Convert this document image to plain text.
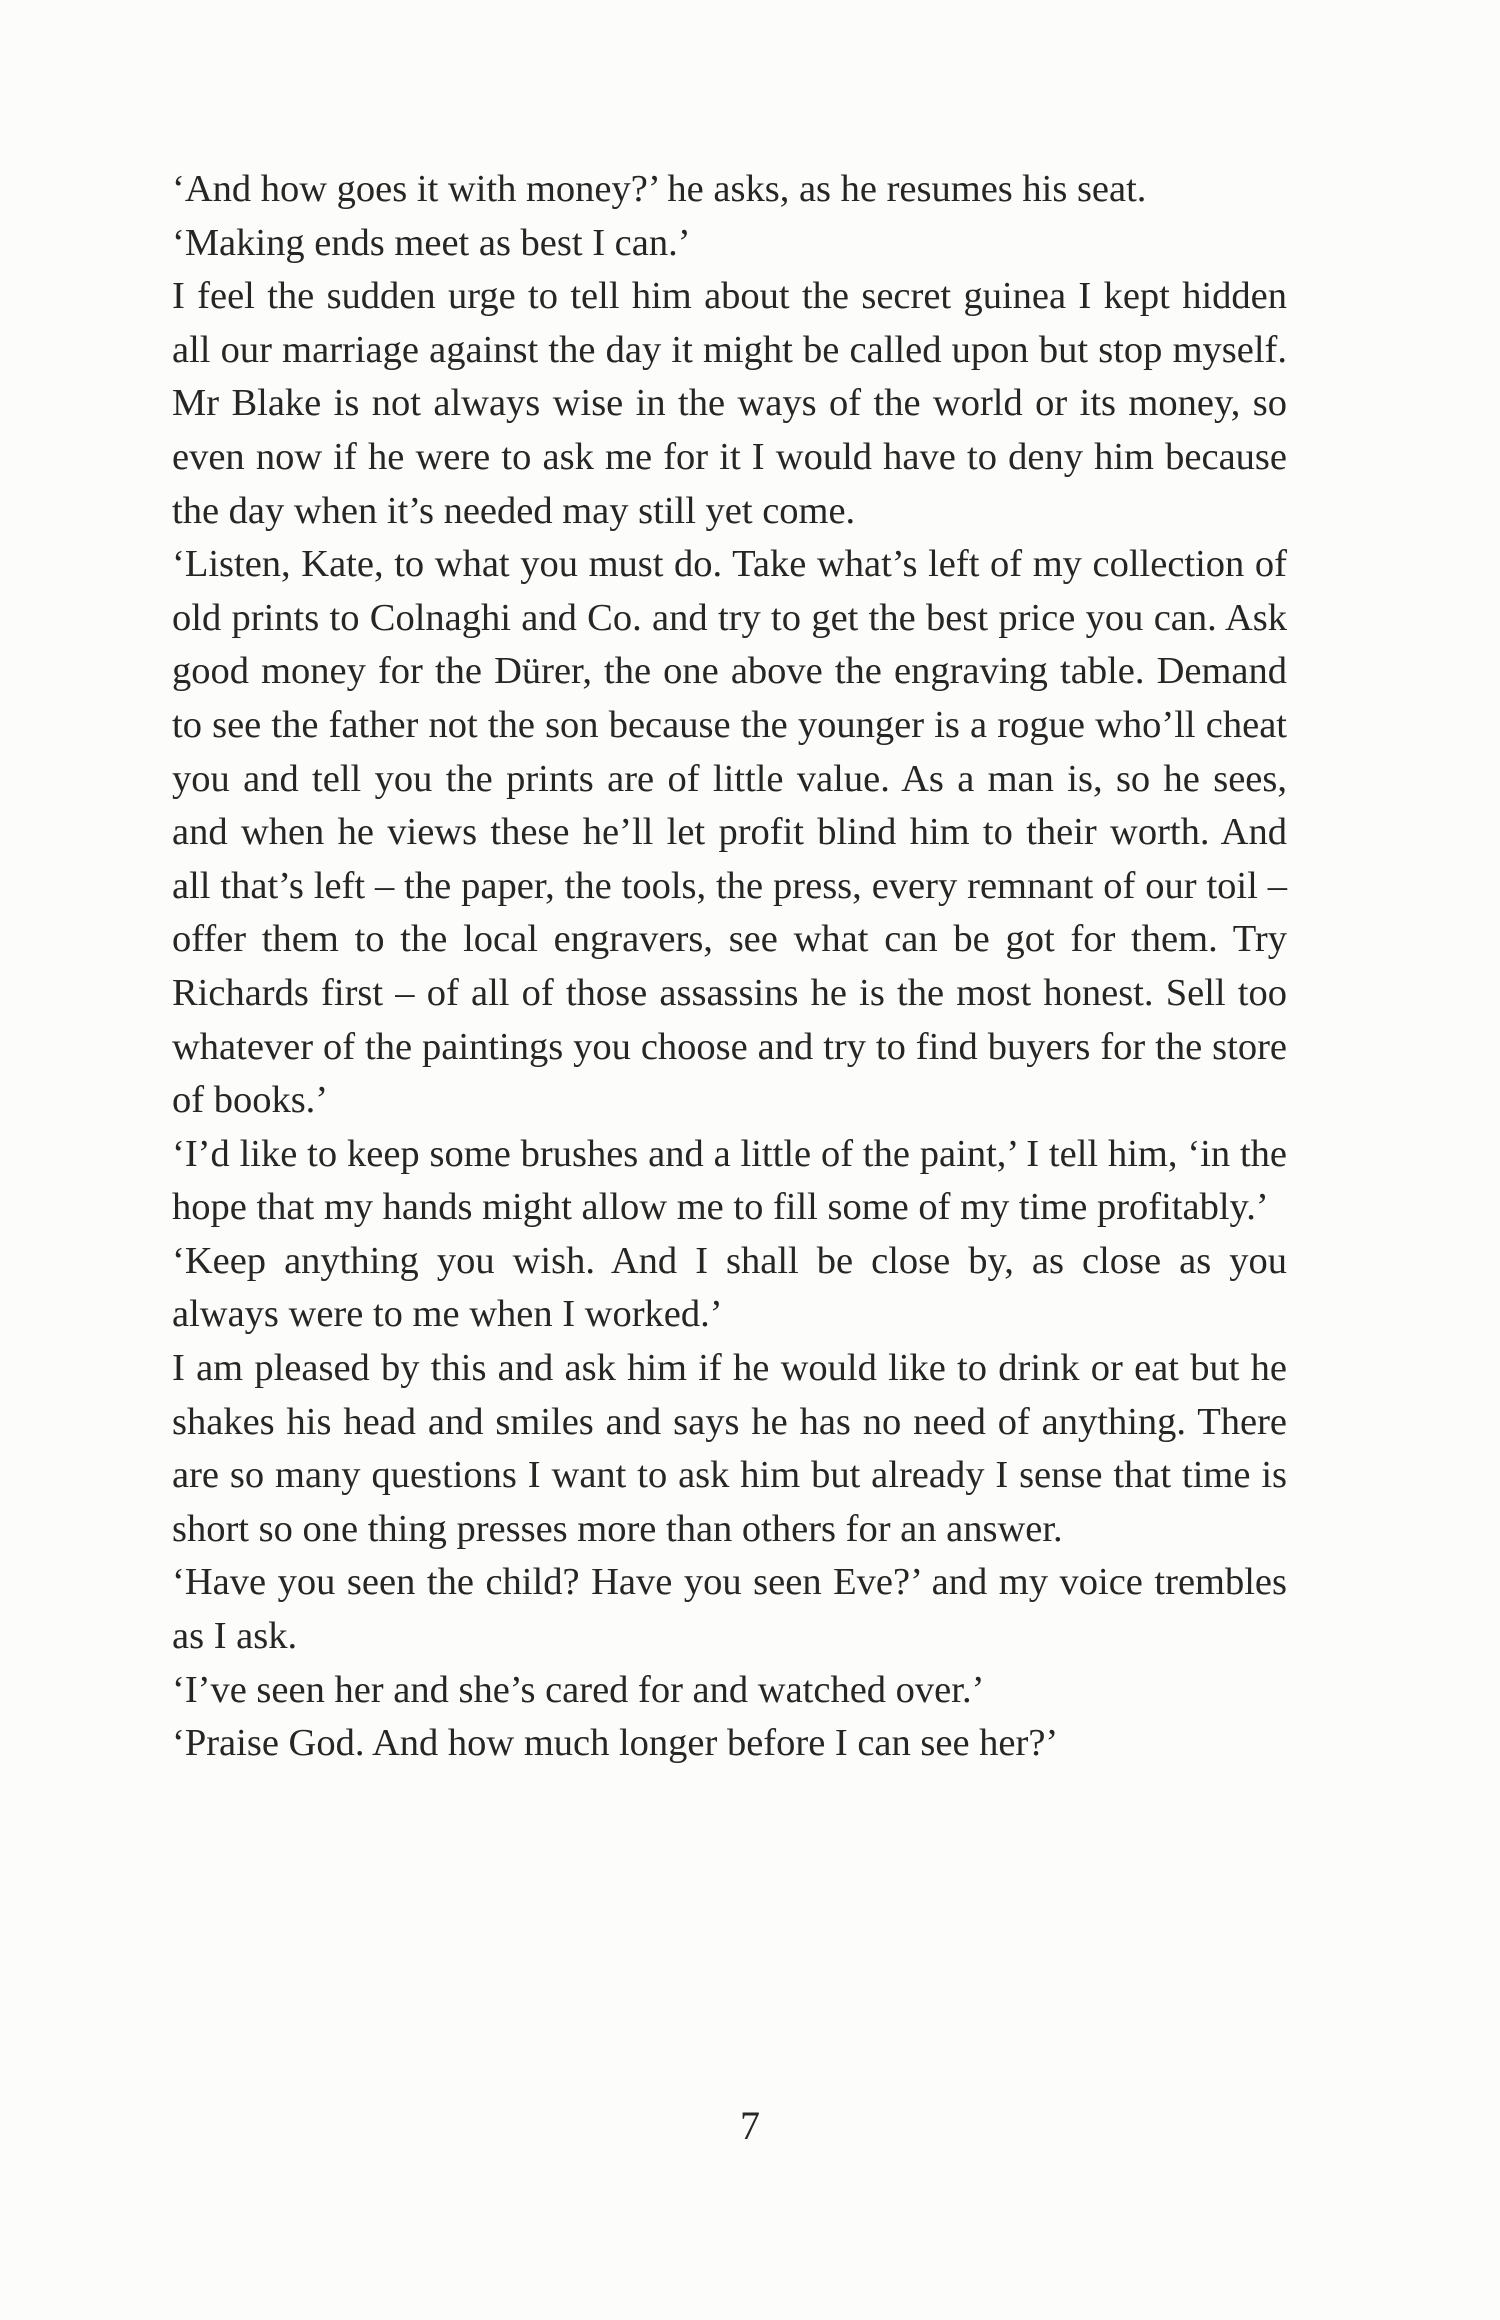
‘And how goes it with money?’ he asks, as he resumes his seat.

‘Making ends meet as best I can.’

I feel the sudden urge to tell him about the secret guinea I kept hidden all our marriage against the day it might be called upon but stop myself. Mr Blake is not always wise in the ways of the world or its money, so even now if he were to ask me for it I would have to deny him because the day when it’s needed may still yet come.

‘Listen, Kate, to what you must do. Take what’s left of my collection of old prints to Colnaghi and Co. and try to get the best price you can. Ask good money for the Dürer, the one above the engraving table. Demand to see the father not the son because the younger is a rogue who’ll cheat you and tell you the prints are of little value. As a man is, so he sees, and when he views these he’ll let profit blind him to their worth. And all that’s left – the paper, the tools, the press, every remnant of our toil – offer them to the local engravers, see what can be got for them. Try Richards first – of all of those assassins he is the most honest. Sell too whatever of the paintings you choose and try to find buyers for the store of books.’

‘I’d like to keep some brushes and a little of the paint,’ I tell him, ‘in the hope that my hands might allow me to fill some of my time profitably.’

‘Keep anything you wish. And I shall be close by, as close as you always were to me when I worked.’

I am pleased by this and ask him if he would like to drink or eat but he shakes his head and smiles and says he has no need of anything. There are so many questions I want to ask him but already I sense that time is short so one thing presses more than others for an answer.

‘Have you seen the child? Have you seen Eve?’ and my voice trembles as I ask.

‘I’ve seen her and she’s cared for and watched over.’

‘Praise God. And how much longer before I can see her?’

7
